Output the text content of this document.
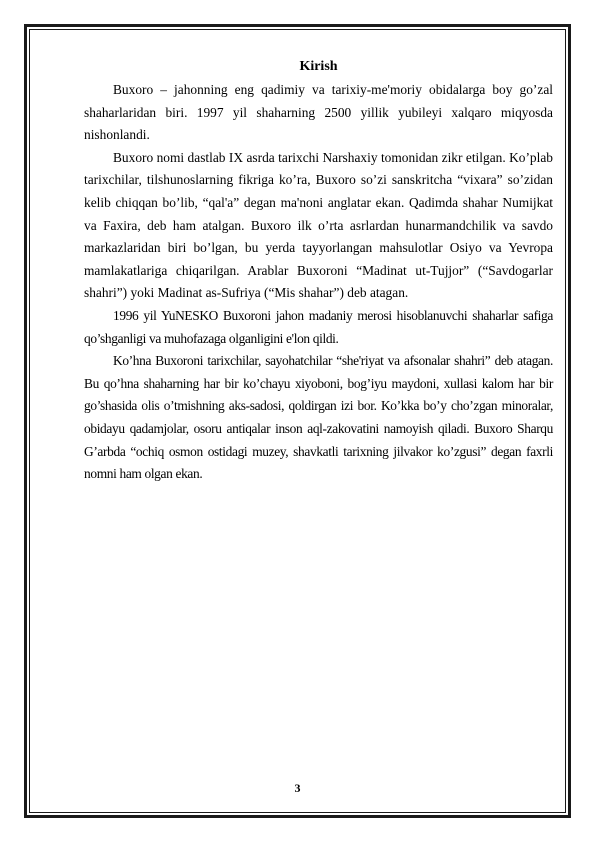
Kirish

Buxoro – jahonning eng qadimiy va tarixiy-me'moriy obidalarga boy go’zal shaharlaridan biri. 1997 yil shaharning 2500 yillik yubileyi xalqaro miqyosda nishonlandi.

Buxoro nomi dastlab IX asrda tarixchi Narshaxiy tomonidan zikr etilgan. Ko’plab tarixchilar, tilshunoslarning fikriga ko’ra, Buxoro so’zi sanskritcha “vixara” so’zidan kelib chiqqan bo’lib, “qal'a” degan ma'noni anglatar ekan. Qadimda shahar Numijkat va Faxira, deb ham atalgan. Buxoro ilk o’rta asrlardan hunarmandchilik va savdo markazlaridan biri bo’lgan, bu yerda tayyorlangan mahsulotlar Osiyo va Yevropa mamlakatlariga chiqarilgan. Arablar Buxoroni “Madinat ut-Tujjor” (“Savdogarlar shahri”) yoki Madinat as-Sufriya (“Mis shahar”) deb atagan.

1996 yil YuNESKO Buxoroni jahon madaniy merosi hisoblanuvchi shaharlar safiga qo’shganligi va muhofazaga olganligini e'lon qildi.

Ko’hna Buxoroni tarixchilar, sayohatchilar “she'riyat va afsonalar shahri” deb atagan. Bu qo’hna shaharning har bir ko’chayu xiyoboni, bog’iyu maydoni, xullasi kalom har bir go’shasida olis o’tmishning aks-sadosi, qoldirgan izi bor. Ko’kka bo’y cho’zgan minoralar, obidayu qadamjolar, osoru antiqalar inson aql-zakovatini namoyish qiladi. Buxoro Sharqu G’arbda “ochiq osmon ostidagi muzey, shavkatli tarixning jilvakor ko’zgusi” degan faxrli nomni ham olgan ekan.

3
